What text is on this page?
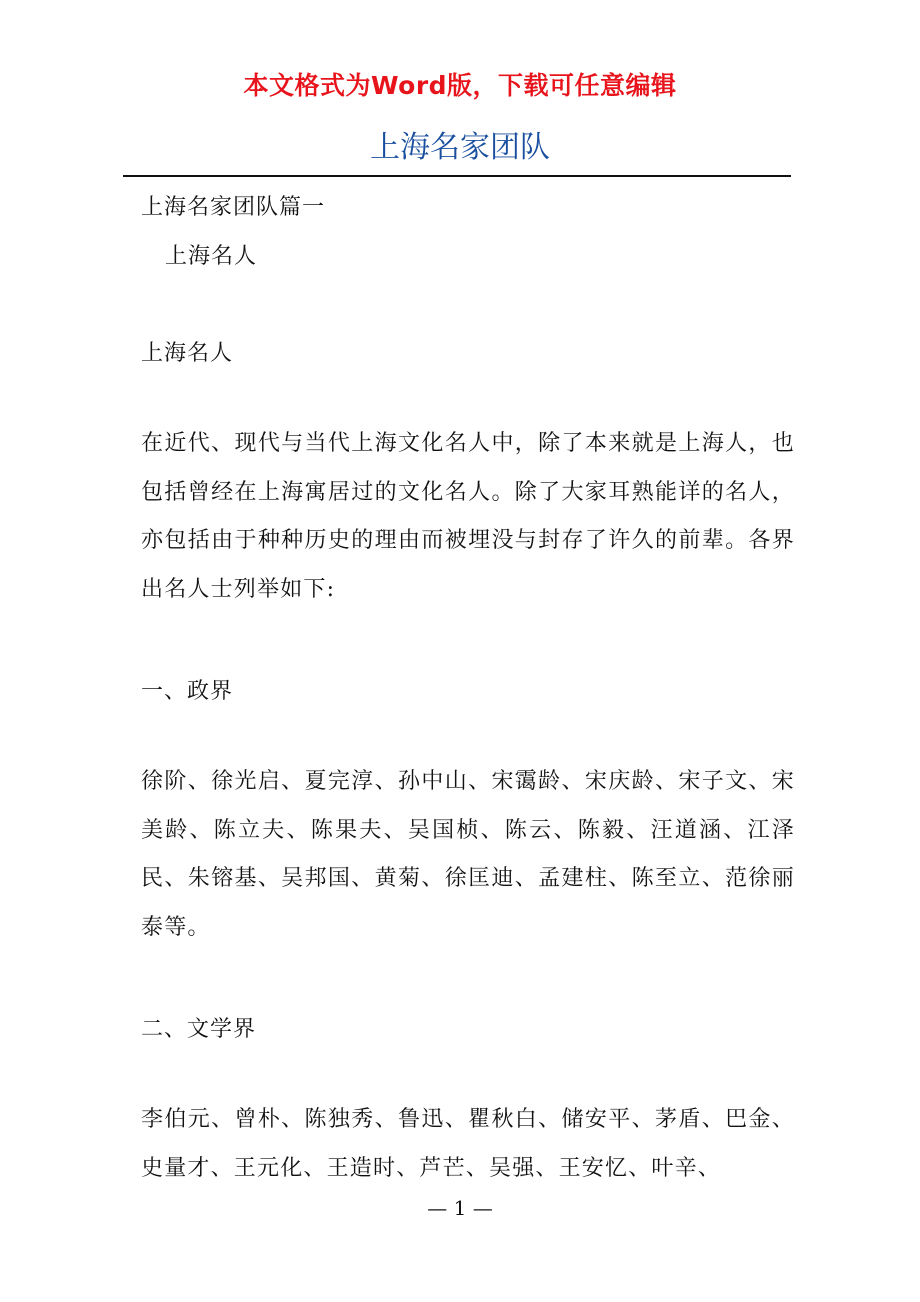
本文格式为Word版，下载可任意编辑
上海名家团队
上海名家团队篇一
上海名人
上海名人
在近代、现代与当代上海文化名人中，除了本来就是上海人，也包括曾经在上海寓居过的文化名人。除了大家耳熟能详的名人，亦包括由于种种历史的理由而被埋没与封存了许久的前辈。各界出名人士列举如下:
一、政界
徐阶、徐光启、夏完淳、孙中山、宋霭龄、宋庆龄、宋子文、宋美龄、陈立夫、陈果夫、吴国桢、陈云、陈毅、汪道涵、江泽民、朱镕基、吴邦国、黄菊、徐匡迪、孟建柱、陈至立、范徐丽泰等。
二、文学界
李伯元、曾朴、陈独秀、鲁迅、瞿秋白、储安平、茅盾、巴金、史量才、王元化、王造时、芦芒、吴强、王安忆、叶辛、
— 1 —
